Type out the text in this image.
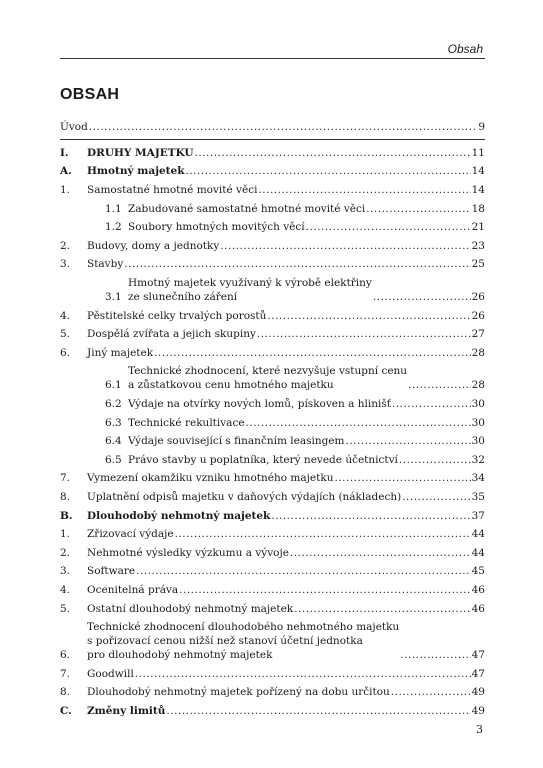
Obsah
OBSAH
Úvod .....	9
I.	DRUHY MAJETKU .....	11
A.	Hmotný majetek .....	14
1.	Samostatné hmotné movité věci .....	14
1.1 Zabudované samostatné hmotné movité věci .....	18
1.2 Soubory hmotných movitých věcí .....	21
2.	Budovy, domy a jednotky .....	23
3.	Stavby .....	25
3.1
Hmotný majetek využívaný k výrobě elektřiny
ze slunečního záření .....	26
4.	Pěstitelské celky trvalých porostů .....	26
5.	Dospělá zvířata a jejich skupiny .....	27
6.	Jiný majetek .....	28
6.1
Technické zhodnocení, které nezvyšuje vstupní cenu
a zůstatkovou cenu hmotného majetku .....	28
6.2 Výdaje na otvírky nových lomů, pískoven a hlinišť .....	30
6.3 Technické rekultivace .....	30
6.4 Výdaje související s finančním leasingem .....	30
6.5 Právo stavby u poplatníka, který nevede účetnictví .....	32
7.	Vymezení okamžiku vzniku hmotného majetku .....	34
8.	Uplatnění odpisů majetku v daňových výdajích (nákladech) .....	35
B.	Dlouhodobý nehmotný majetek .....	37
1.	Zřizovací výdaje .....	44
2.	Nehmotné výsledky výzkumu a vývoje .....	44
3.	Software .....	45
4.	Ocenitelná práva .....	46
5.	Ostatní dlouhodobý nehmotný majetek .....	46
6.
Technické zhodnocení dlouhodobého nehmotného majetku
s pořizovací cenou nižší než stanoví účetní jednotka
pro dlouhodobý nehmotný majetek .....	47
7.	Goodwill .....	47
8.	Dlouhodobý nehmotný majetek pořízený na dobu určitou .....	49
C.	Změny limitů .....	49
3
